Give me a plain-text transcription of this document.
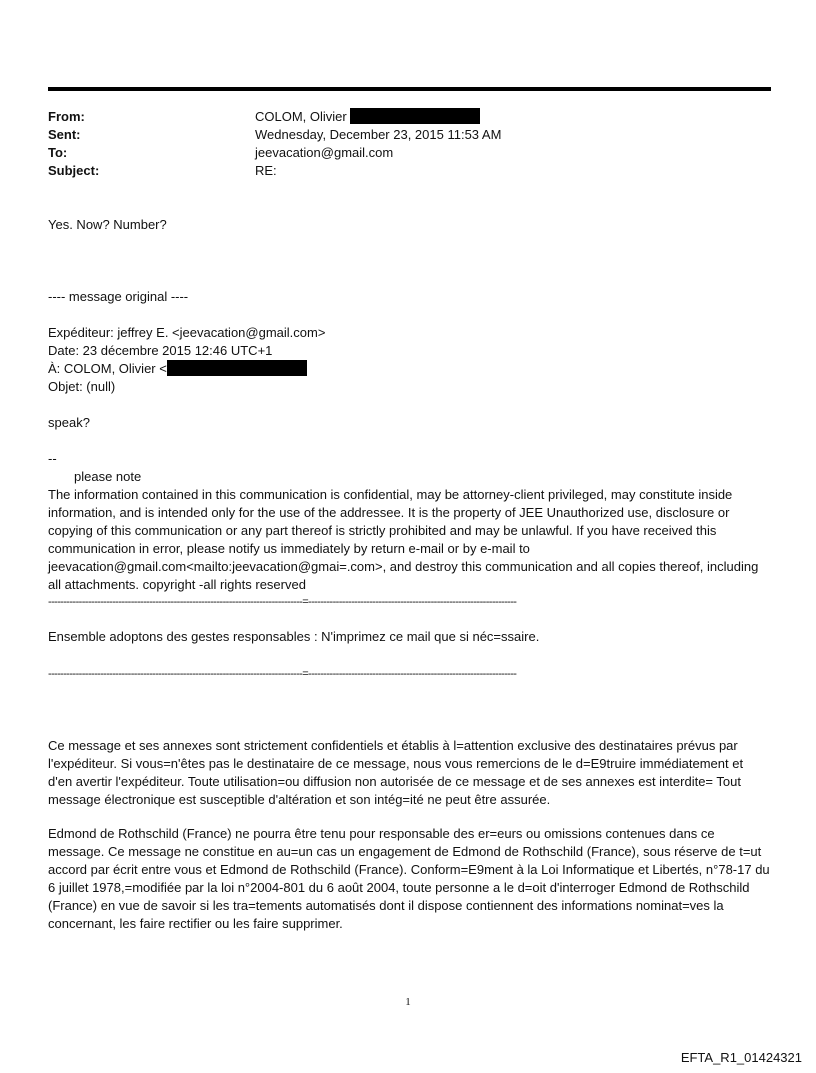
From:	COLOM, Olivier
Sent:	Wednesday, December 23, 2015 11:53 AM
To:	jeevacation@gmail.com
Subject:	RE:
Yes. Now? Number?
---- message original ----
Expéditeur: jeffrey E. <jeevacation@gmail.com>
Date: 23 décembre 2015 12:46 UTC+1
À: COLOM, Olivier <
Objet: (null)
speak?
--
please note
The information contained in this communication is confidential, may be attorney-client privileged, may constitute inside information, and is intended only for the use of the addressee. It is the property of JEE Unauthorized use, disclosure or copying of this communication or any part thereof is strictly prohibited and may be unlawful. If you have received this communication in error, please notify us immediately by return e-mail or by e-mail to jeevacation@gmail.com<mailto:jeevacation@gmai=.com>, and destroy this communication and all copies thereof, including all attachments. copyright -all rights reserved
-----------------------------------------------------------------------------------=--------------------------------------------------------------------
Ensemble adoptons des gestes responsables : N'imprimez ce mail que si néc=ssaire.
-----------------------------------------------------------------------------------=--------------------------------------------------------------------
Ce message et ses annexes sont strictement confidentiels et établis à l=attention exclusive des destinataires prévus par l'expéditeur. Si vous=n'êtes pas le destinataire de ce message, nous vous remercions de le d=E9truire immédiatement et d'en avertir l'expéditeur. Toute utilisation=ou diffusion non autorisée de ce message et de ses annexes est interdite= Tout message électronique est susceptible d'altération et son intég=ité ne peut être assurée.
Edmond de Rothschild (France) ne pourra être tenu pour responsable des er=eurs ou omissions contenues dans ce message. Ce message ne constitue en au=un cas un engagement de Edmond de Rothschild (France), sous réserve de t=ut accord par écrit entre vous et Edmond de Rothschild (France). Conform=E9ment à la Loi Informatique et Libertés, n°78-17 du 6 juillet 1978,=modifiée par la loi n°2004-801 du 6 août 2004, toute personne a le d=oit d'interroger Edmond de Rothschild (France) en vue de savoir si les tra=tements automatisés dont il dispose contiennent des informations nominat=ves la concernant, les faire rectifier ou les faire supprimer.
1
EFTA_R1_01424321
